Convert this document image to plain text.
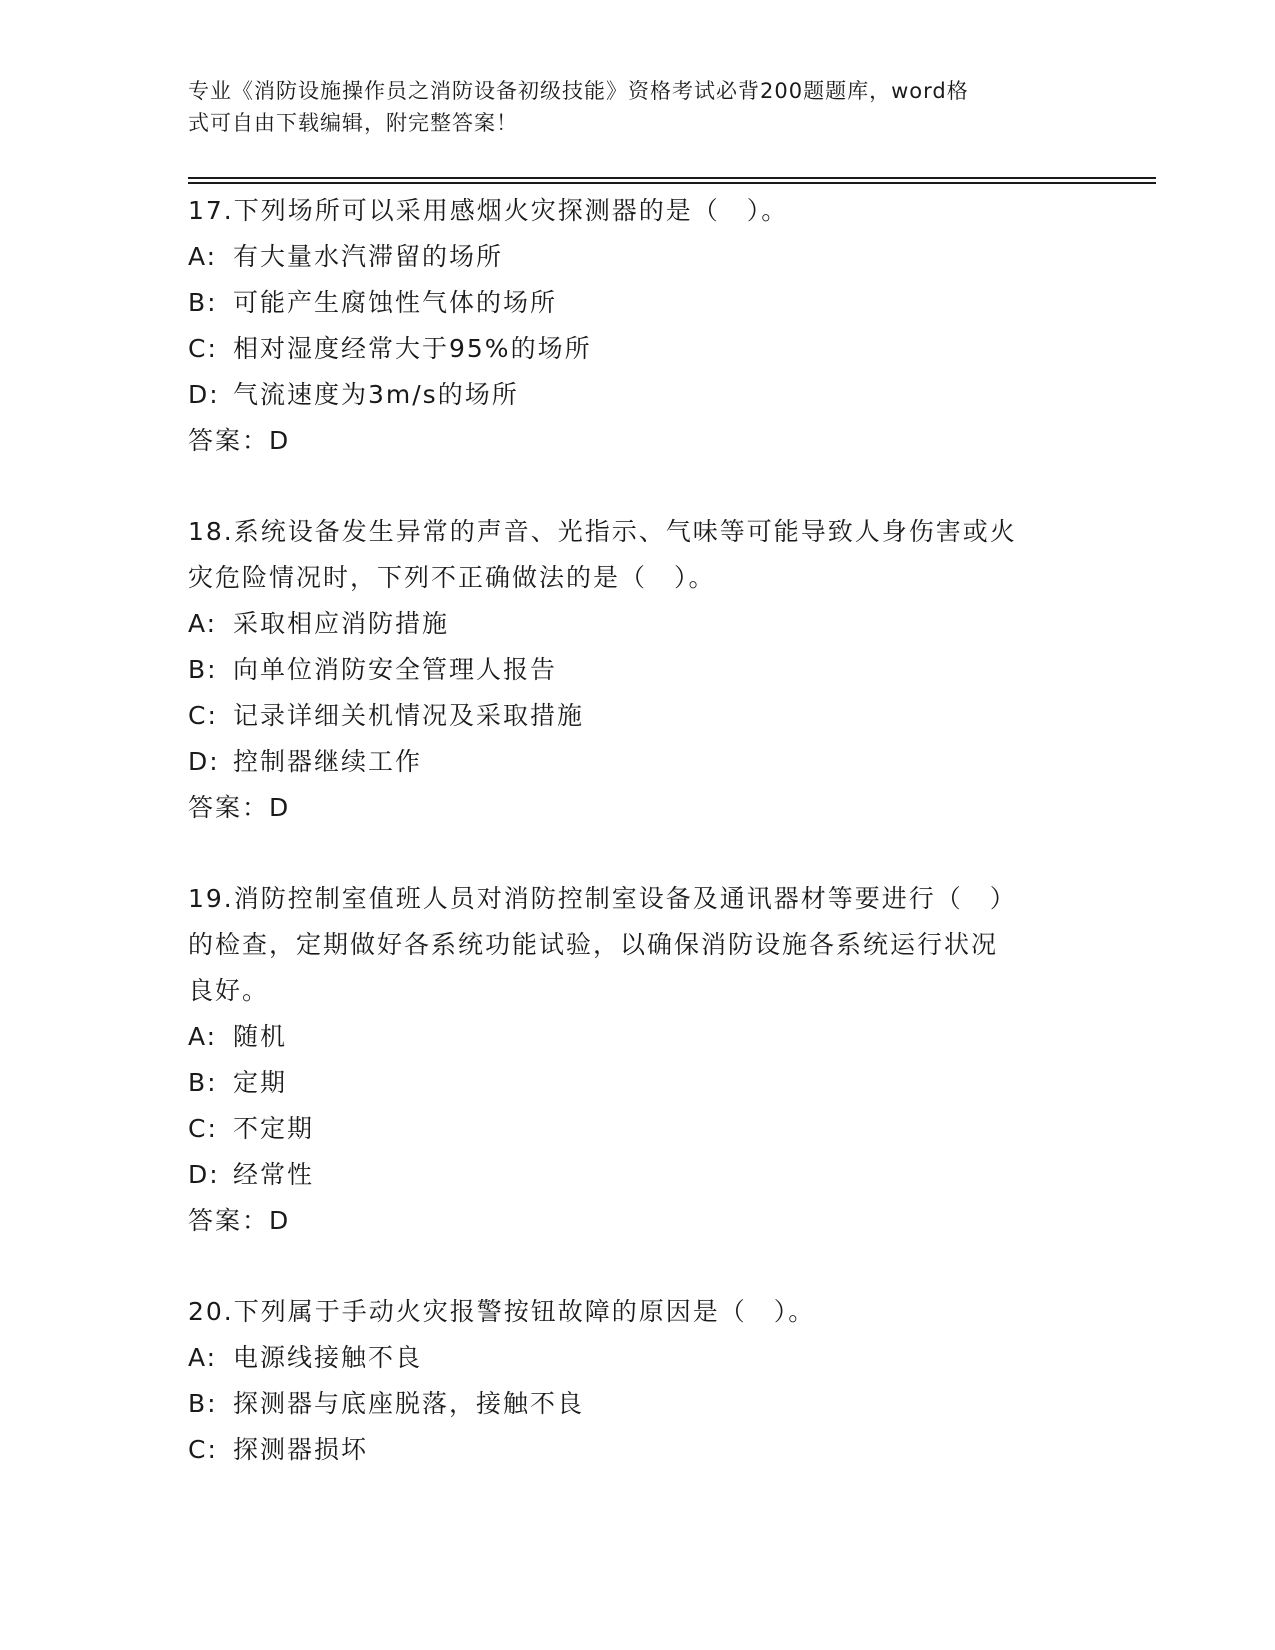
专业《消防设施操作员之消防设备初级技能》资格考试必背200题题库，word格
式可自由下载编辑，附完整答案！
17.下列场所可以采用感烟火灾探测器的是（　）。
A: 有大量水汽滞留的场所
B: 可能产生腐蚀性气体的场所
C: 相对湿度经常大于95%的场所
D: 气流速度为3m/s的场所
答案：D
18.系统设备发生异常的声音、光指示、气味等可能导致人身伤害或火
灾危险情况时，下列不正确做法的是（　）。
A: 采取相应消防措施
B: 向单位消防安全管理人报告
C: 记录详细关机情况及采取措施
D: 控制器继续工作
答案：D
19.消防控制室值班人员对消防控制室设备及通讯器材等要进行（　）
的检查，定期做好各系统功能试验，以确保消防设施各系统运行状况
良好。
A: 随机
B: 定期
C: 不定期
D: 经常性
答案：D
20.下列属于手动火灾报警按钮故障的原因是（　）。
A: 电源线接触不良
B: 探测器与底座脱落，接触不良
C: 探测器损坏
